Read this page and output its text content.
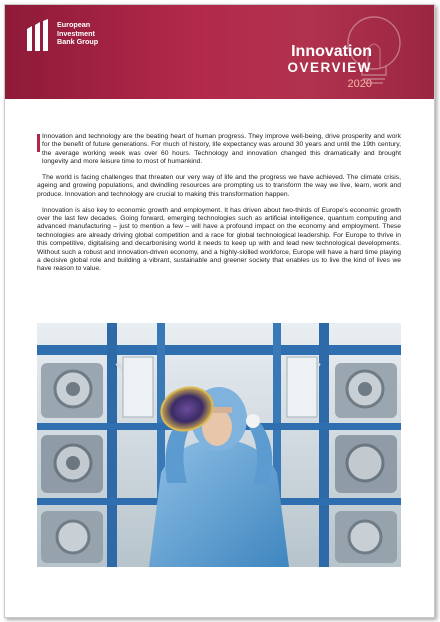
European
Investment
Bank Group
Innovation
OVERVIEW
2020

Innovation and technology are the beating heart of human progress. They improve well-being, drive prosperity and work for the benefit of future generations. For much of history, life expectancy was around 30 years and until the 19th century, the average working week was over 60 hours. Technology and innovation changed this dramatically and brought longevity and more leisure time to most of humankind.

The world is facing challenges that threaten our very way of life and the progress we have achieved. The climate crisis, ageing and growing populations, and dwindling resources are prompting us to transform the way we live, learn, work and produce. Innovation and technology are crucial to making this transformation happen.

Innovation is also key to economic growth and employment. It has driven about two-thirds of Europe's economic growth over the last few decades. Going forward, emerging technologies such as artificial intelligence, quantum computing and advanced manufacturing – just to mention a few – will have a profound impact on the economy and employment. These technologies are already driving global competition and a race for global technological leadership. For Europe to thrive in this competitive, digitalising and decarbonising world it needs to keep up with and lead new technological developments. Without such a robust and innovation-driven economy, and a highly-skilled workforce, Europe will have a hard time playing a decisive global role and building a vibrant, sustainable and greener society that enables us to live the kind of lives we have reason to value.
